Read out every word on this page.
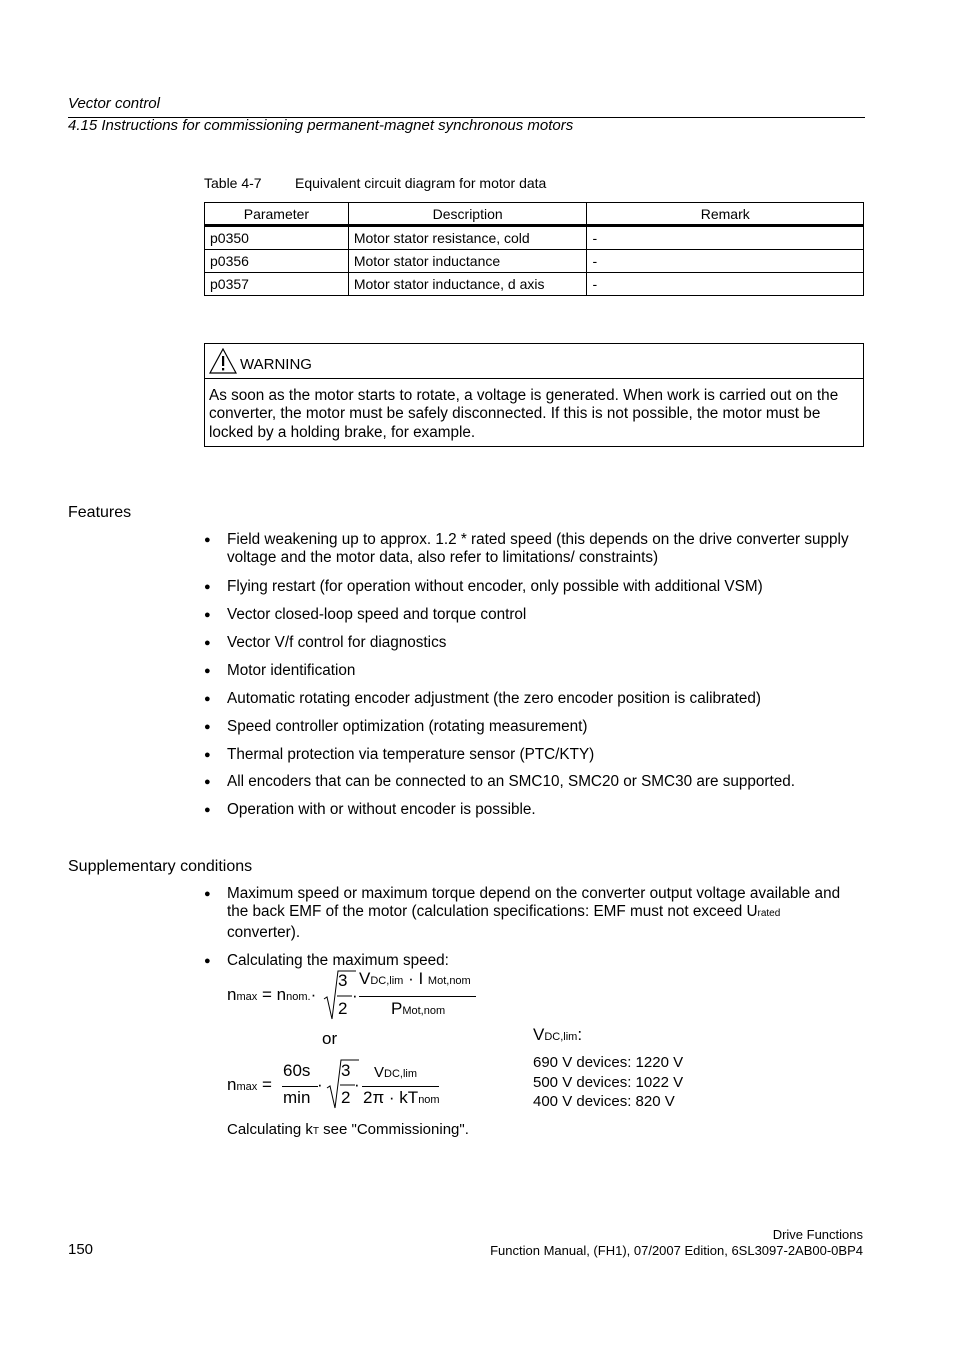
Vector control
4.15 Instructions for commissioning permanent-magnet synchronous motors
Table 4-7 Equivalent circuit diagram for motor data
Parameter	Description	Remark
p0350	Motor stator resistance, cold	-
p0356	Motor stator inductance	-
p0357	Motor stator inductance, d axis	-
WARNING
As soon as the motor starts to rotate, a voltage is generated. When work is carried out on the converter, the motor must be safely disconnected. If this is not possible, the motor must be locked by a holding brake, for example.
Features
● Field weakening up to approx. 1.2 * rated speed (this depends on the drive converter supply voltage and the motor data, also refer to limitations/ constraints)
● Flying restart (for operation without encoder, only possible with additional VSM)
● Vector closed-loop speed and torque control
● Vector V/f control for diagnostics
● Motor identification
● Automatic rotating encoder adjustment (the zero encoder position is calibrated)
● Speed controller optimization (rotating measurement)
● Thermal protection via temperature sensor (PTC/KTY)
● All encoders that can be connected to an SMC10, SMC20 or SMC30 are supported.
● Operation with or without encoder is possible.
Supplementary conditions
● Maximum speed or maximum torque depend on the converter output voltage available and the back EMF of the motor (calculation specifications: EMF must not exceed Urated converter).
● Calculating the maximum speed:
nmax = nnom.·
3
2
·
VDC,lim · I Mot,nom
PMot,nom
or	VDC,lim:
690 V devices: 1220 V
500 V devices: 1022 V
400 V devices: 820 V
nmax =
60s
min
·
3
2
·
VDC,lim
2π · kTnom
Calculating kT see "Commissioning".
Drive Functions
Function Manual, (FH1), 07/2007 Edition, 6SL3097-2AB00-0BP4
150
